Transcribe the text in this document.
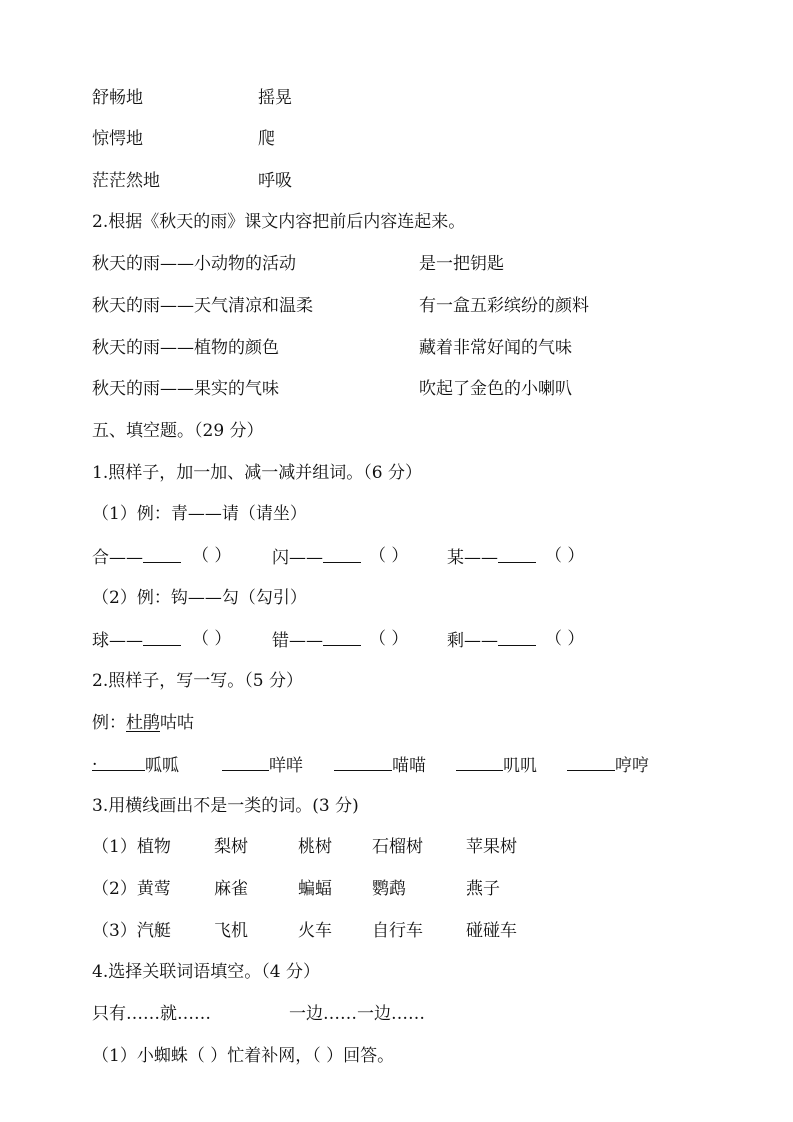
舒畅地	摇晃
惊愕地	爬
茫茫然地	呼吸
2.根据《秋天的雨》课文内容把前后内容连起来。
秋天的雨——小动物的活动	是一把钥匙
秋天的雨——天气清凉和温柔	有一盒五彩缤纷的颜料
秋天的雨——植物的颜色	藏着非常好闻的气味
秋天的雨——果实的气味	吹起了金色的小喇叭
五、填空题。（29 分）
1.照样子，加一加、减一减并组词。（6 分）
（1）例：青——请（请坐）
合——	（ ） 闪——	（ ） 某——	（ ）
（2）例：钩——勾（勾引）
球——	（ ） 错——	（ ） 剩——	（ ）
2.照样子，写一写。（5 分）
例：杜鹃咕咕
.	呱呱	咩咩	喵喵	叽叽	哼哼
3.用横线画出不是一类的词。(3 分)
（1）植物	梨树	桃树 石榴树	苹果树
（2）黄莺	麻雀	蝙蝠 鹦鹉	燕子
（3）汽艇	飞机	火车 自行车	碰碰车
4.选择关联词语填空。（4 分）
只有……就……	一边……一边……
（1）小蜘蛛（ ）忙着补网，（ ）回答。
